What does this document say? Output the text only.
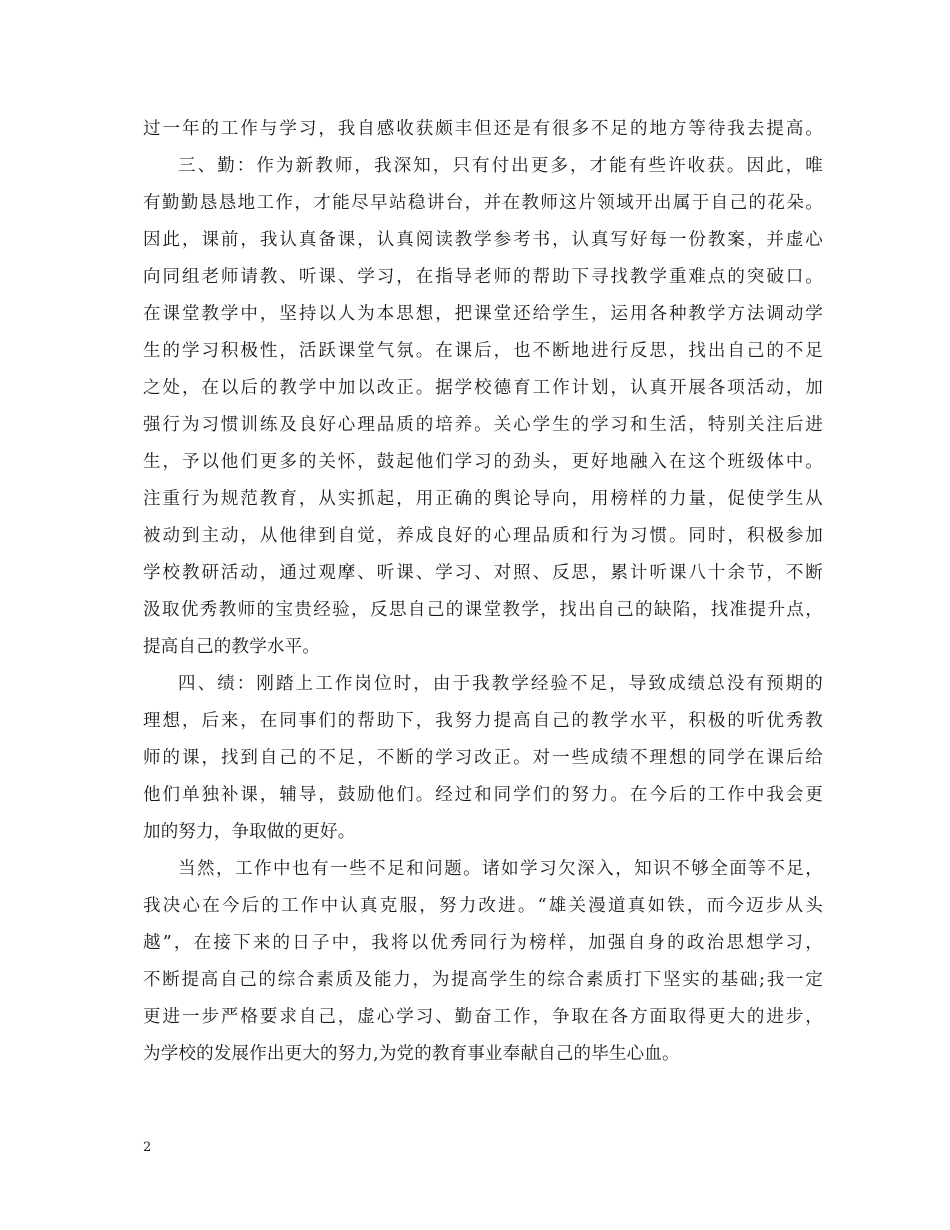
过一年的工作与学习，我自感收获颇丰但还是有很多不足的地方等待我去提高。
三、勤：作为新教师，我深知，只有付出更多，才能有些许收获。因此，唯
有勤勤恳恳地工作，才能尽早站稳讲台，并在教师这片领域开出属于自己的花朵。
因此，课前，我认真备课，认真阅读教学参考书，认真写好每一份教案，并虚心
向同组老师请教、听课、学习，在指导老师的帮助下寻找教学重难点的突破口。
在课堂教学中，坚持以人为本思想，把课堂还给学生，运用各种教学方法调动学
生的学习积极性，活跃课堂气氛。在课后，也不断地进行反思，找出自己的不足
之处，在以后的教学中加以改正。据学校德育工作计划，认真开展各项活动，加
强行为习惯训练及良好心理品质的培养。关心学生的学习和生活，特别关注后进
生，予以他们更多的关怀，鼓起他们学习的劲头，更好地融入在这个班级体中。
注重行为规范教育，从实抓起，用正确的舆论导向，用榜样的力量，促使学生从
被动到主动，从他律到自觉，养成良好的心理品质和行为习惯。同时，积极参加
学校教研活动，通过观摩、听课、学习、对照、反思，累计听课八十余节，不断
汲取优秀教师的宝贵经验，反思自己的课堂教学，找出自己的缺陷，找准提升点，
提高自己的教学水平。
四、绩：刚踏上工作岗位时，由于我教学经验不足，导致成绩总没有预期的
理想，后来，在同事们的帮助下，我努力提高自己的教学水平，积极的听优秀教
师的课，找到自己的不足，不断的学习改正。对一些成绩不理想的同学在课后给
他们单独补课，辅导，鼓励他们。经过和同学们的努力。在今后的工作中我会更
加的努力，争取做的更好。
当然，工作中也有一些不足和问题。诸如学习欠深入，知识不够全面等不足，
我决心在今后的工作中认真克服，努力改进。“雄关漫道真如铁，而今迈步从头
越”，在接下来的日子中，我将以优秀同行为榜样，加强自身的政治思想学习，
不断提高自己的综合素质及能力，为提高学生的综合素质打下坚实的基础;我一定
更进一步严格要求自己，虚心学习、勤奋工作，争取在各方面取得更大的进步，
为学校的发展作出更大的努力,为党的教育事业奉献自己的毕生心血。
2
